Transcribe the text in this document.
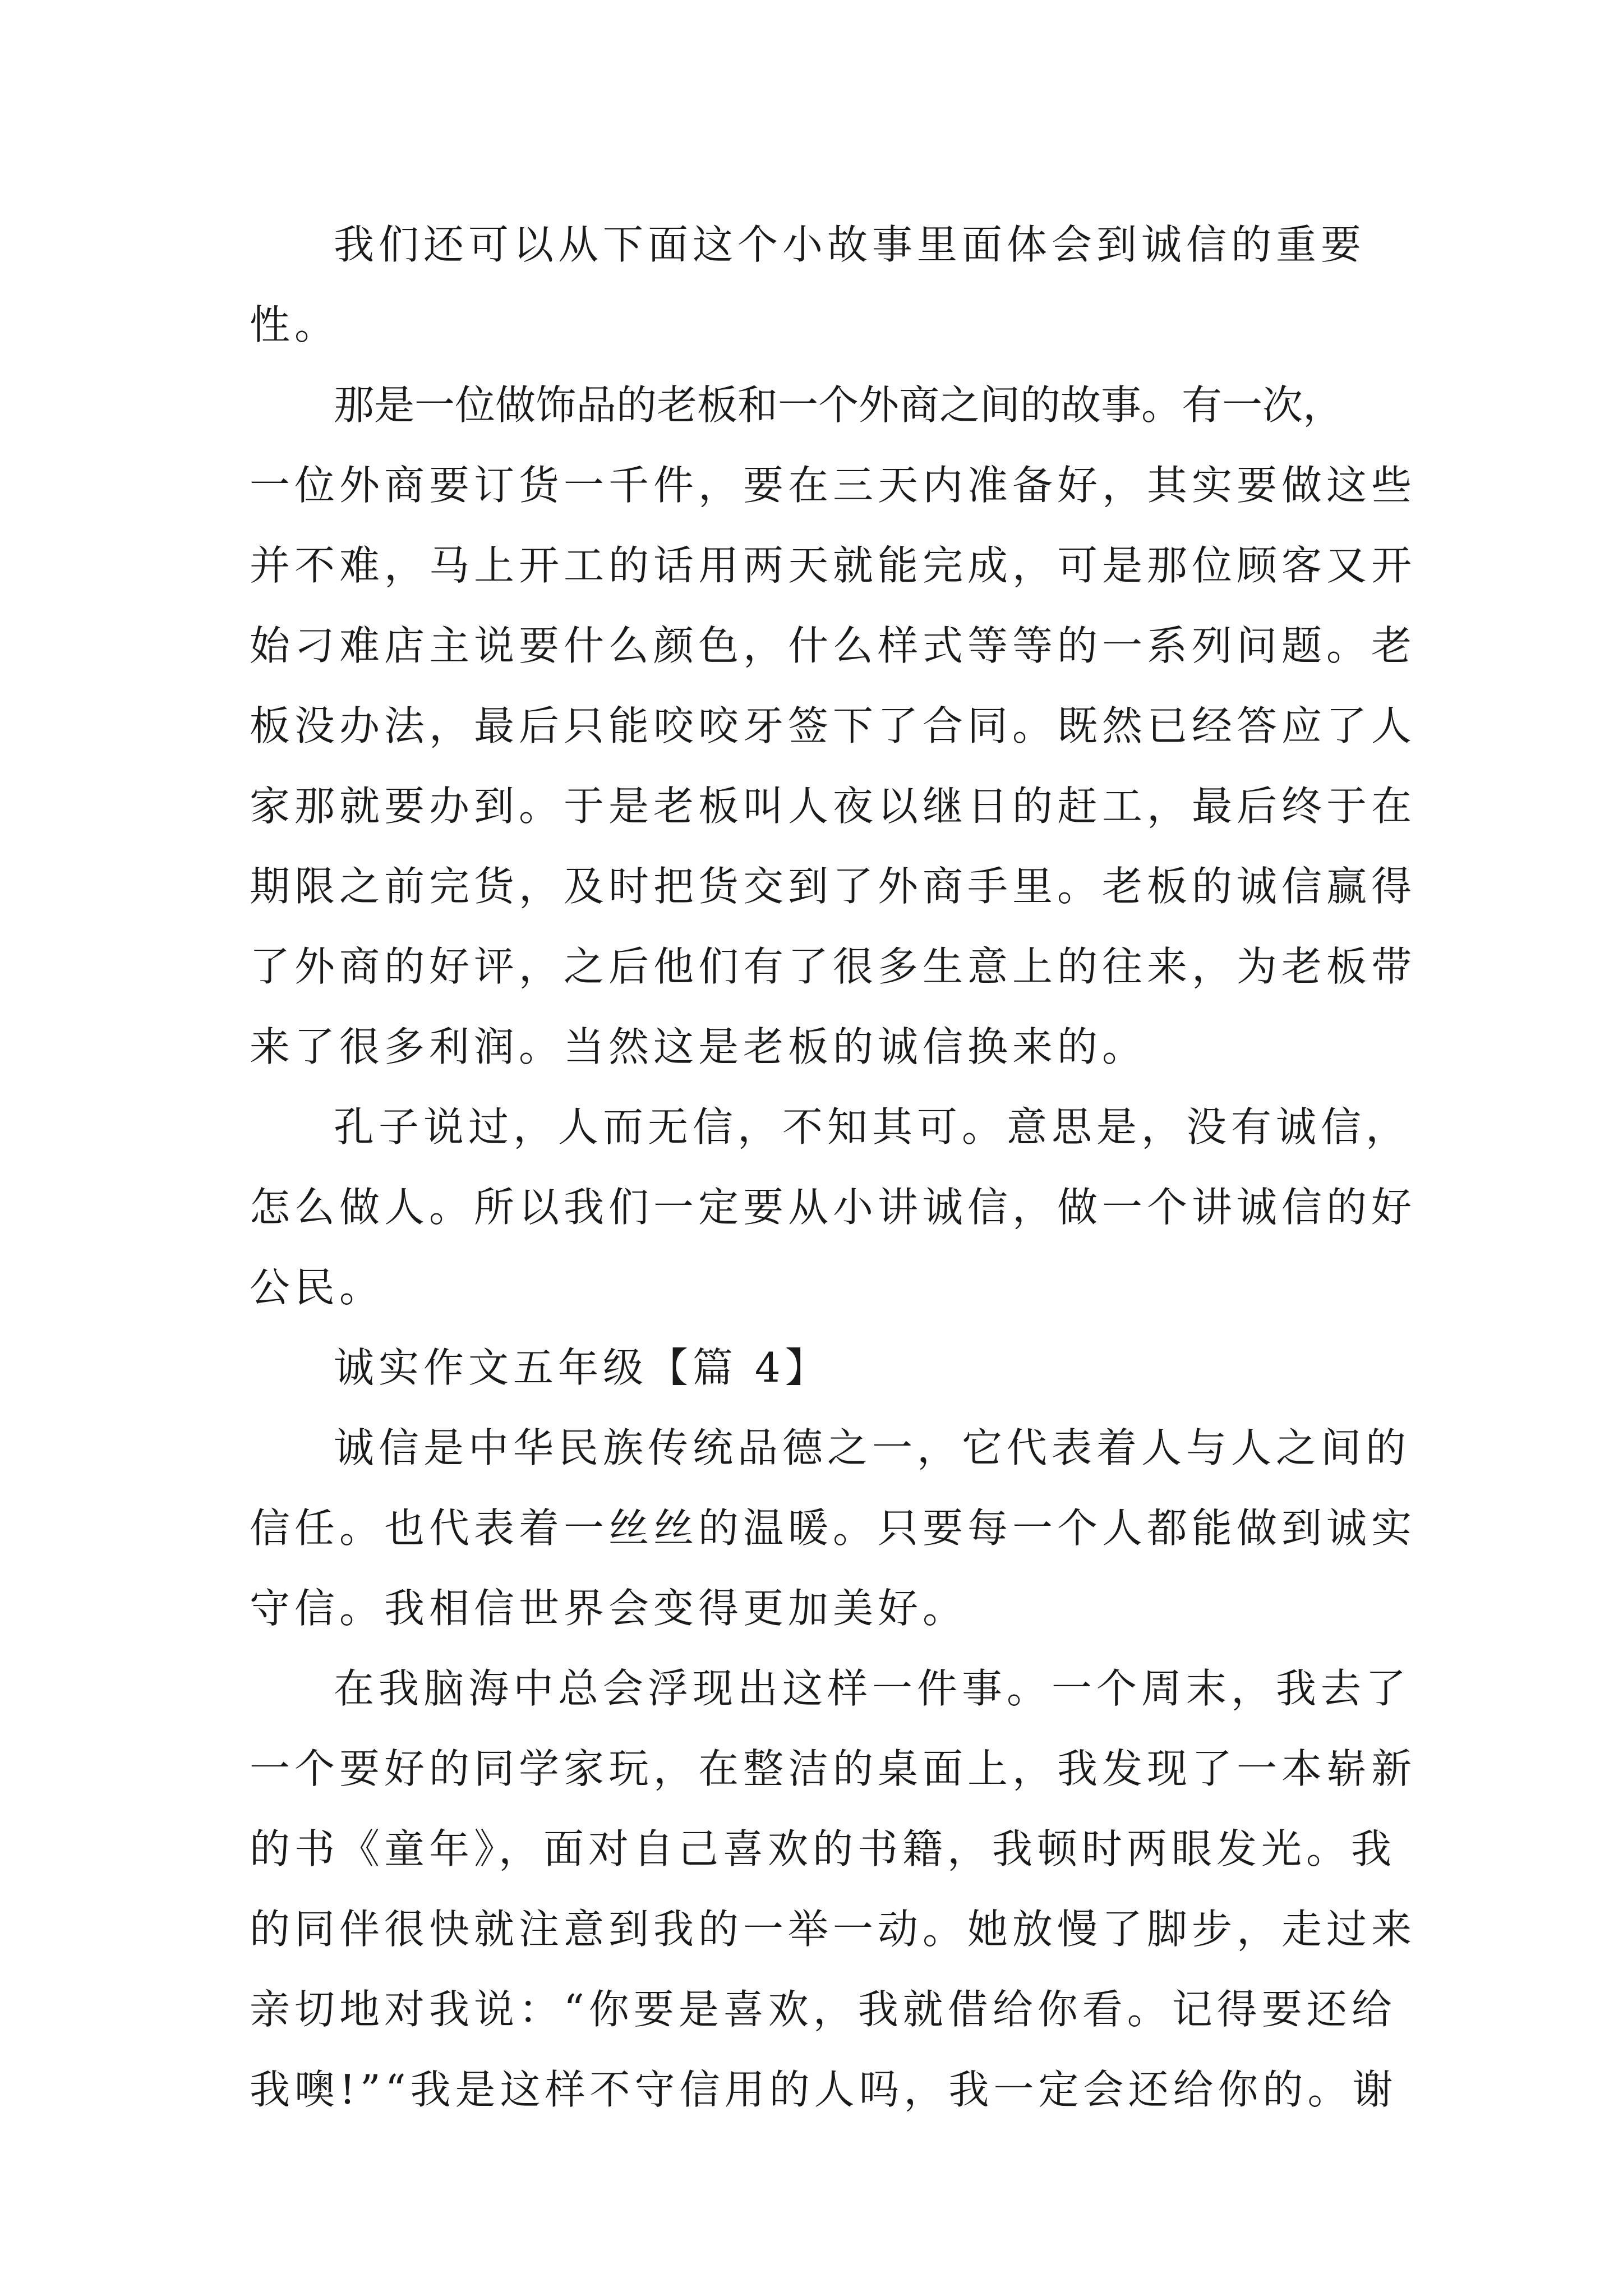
我们还可以从下面这个小故事里面体会到诚信的重要

性。

那是一位做饰品的老板和一个外商之间的故事。有一次，

一位外商要订货一千件，要在三天内准备好，其实要做这些

并不难，马上开工的话用两天就能完成，可是那位顾客又开

始刁难店主说要什么颜色，什么样式等等的一系列问题。老

板没办法，最后只能咬咬牙签下了合同。既然已经答应了人

家那就要办到。于是老板叫人夜以继日的赶工，最后终于在

期限之前完货，及时把货交到了外商手里。老板的诚信赢得

了外商的好评，之后他们有了很多生意上的往来，为老板带

来了很多利润。当然这是老板的诚信换来的。

孔子说过，人而无信，不知其可。意思是，没有诚信，

怎么做人。所以我们一定要从小讲诚信，做一个讲诚信的好

公民。

诚实作文五年级【篇 4】

诚信是中华民族传统品德之一，它代表着人与人之间的

信任。也代表着一丝丝的温暖。只要每一个人都能做到诚实

守信。我相信世界会变得更加美好。

在我脑海中总会浮现出这样一件事。一个周末，我去了

一个要好的同学家玩，在整洁的桌面上，我发现了一本崭新

的书《童年》，面对自己喜欢的书籍，我顿时两眼发光。我

的同伴很快就注意到我的一举一动。她放慢了脚步，走过来

亲切地对我说：“你要是喜欢，我就借给你看。记得要还给

我噢!”“我是这样不守信用的人吗，我一定会还给你的。谢
